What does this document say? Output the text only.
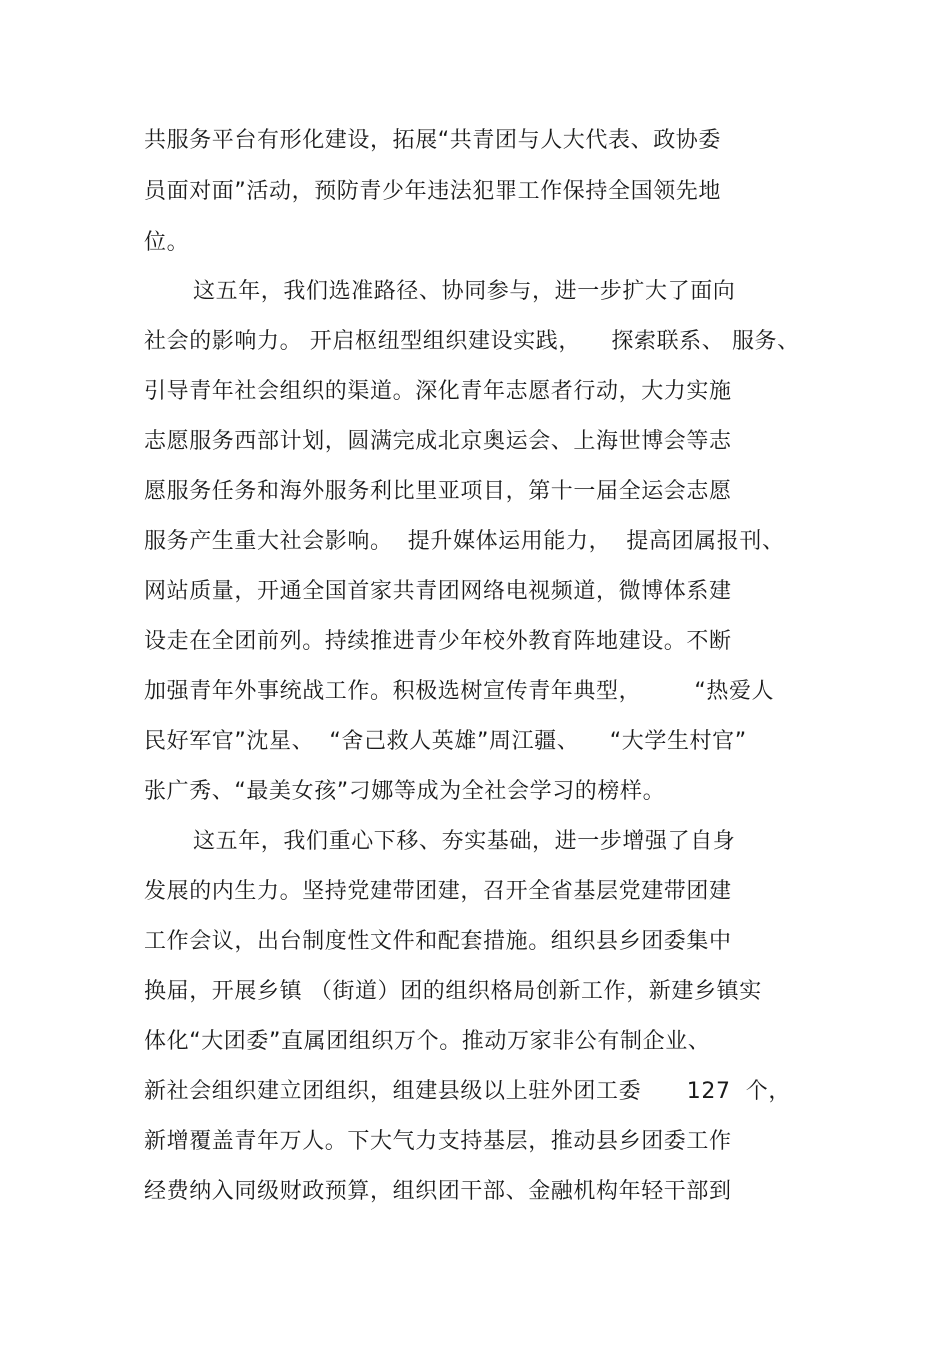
共服务平台有形化建设，拓展“共青团与人大代表、政协委

员面对面”活动，预防青少年违法犯罪工作保持全国领先地

位。

这五年，我们选准路径、协同参与，进一步扩大了面向

社会的影响力。 开启枢纽型组织建设实践，    探索联系、 服务、

引导青年社会组织的渠道。深化青年志愿者行动，大力实施

志愿服务西部计划，圆满完成北京奥运会、上海世博会等志

愿服务任务和海外服务利比里亚项目，第十一届全运会志愿

服务产生重大社会影响。  提升媒体运用能力，  提高团属报刊、

网站质量，开通全国首家共青团网络电视频道，微博体系建

设走在全团前列。持续推进青少年校外教育阵地建设。不断

加强青年外事统战工作。积极选树宣传青年典型，       “热爱人

民好军官”沈星、  “舍己救人英雄”周江疆、    “大学生村官”

张广秀、“最美女孩”刁娜等成为全社会学习的榜样。

这五年，我们重心下移、夯实基础，进一步增强了自身

发展的内生力。坚持党建带团建，召开全省基层党建带团建

工作会议，出台制度性文件和配套措施。组织县乡团委集中

换届，开展乡镇 （街道）团的组织格局创新工作，新建乡镇实

体化“大团委”直属团组织万个。推动万家非公有制企业、

新社会组织建立团组织，组建县级以上驻外团工委      127  个，

新增覆盖青年万人。下大气力支持基层，推动县乡团委工作

经费纳入同级财政预算，组织团干部、金融机构年轻干部到
